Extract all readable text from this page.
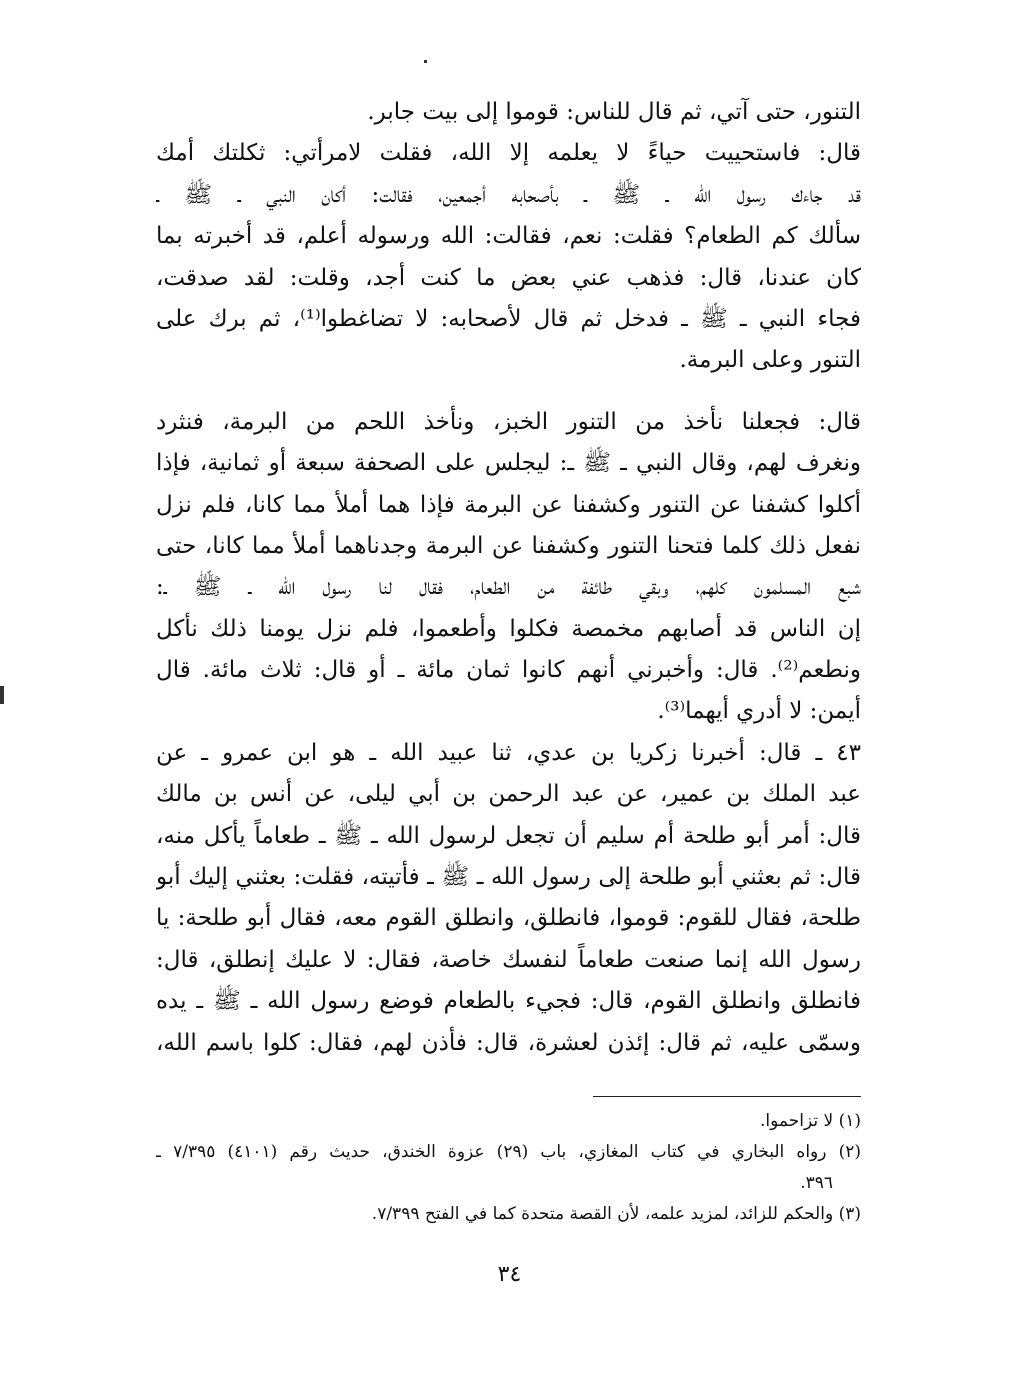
التنور، حتى آتي، ثم قال للناس: قوموا إلى بيت جابر.
قال: فاستحييت حياءً لا يعلمه إلا الله، فقلت لامرأتي: ثكلتك أمك
قد جاءك رسول الله ـ ﷺ ـ بأصحابه أجمعين، فقالت: أكان النبي ـ ﷺ ـ
سألك كم الطعام؟ فقلت: نعم، فقالت: الله ورسوله أعلم، قد أخبرته بما
كان عندنا، قال: فذهب عني بعض ما كنت أجد، وقلت: لقد صدقت،
فجاء النبي ـ ﷺ ـ فدخل ثم قال لأصحابه: لا تضاغطوا⁽¹⁾، ثم برك على
التنور وعلى البرمة.
قال: فجعلنا نأخذ من التنور الخبز، ونأخذ اللحم من البرمة، فنثرد
ونغرف لهم، وقال النبي ـ ﷺ ـ: ليجلس على الصحفة سبعة أو ثمانية، فإذا
أكلوا كشفنا عن التنور وكشفنا عن البرمة فإذا هما أملأ مما كانا، فلم نزل
نفعل ذلك كلما فتحنا التنور وكشفنا عن البرمة وجدناهما أملأ مما كانا، حتى
شبع المسلمون كلهم، وبقي طائفة من الطعام، فقال لنا رسول الله ـ ﷺ ـ:
إن الناس قد أصابهم مخمصة فكلوا وأطعموا، فلم نزل يومنا ذلك نأكل
ونطعم⁽²⁾. قال: وأخبرني أنهم كانوا ثمان مائة ـ أو قال: ثلاث مائة. قال
أيمن: لا أدري أيهما⁽³⁾.
٤٣ ـ قال: أخبرنا زكريا بن عدي، ثنا عبيد الله ـ هو ابن عمرو ـ عن
عبد الملك بن عمير، عن عبد الرحمن بن أبي ليلى، عن أنس بن مالك
قال: أمر أبو طلحة أم سليم أن تجعل لرسول الله ـ ﷺ ـ طعاماً يأكل منه،
قال: ثم بعثني أبو طلحة إلى رسول الله ـ ﷺ ـ فأتيته، فقلت: بعثني إليك أبو
طلحة، فقال للقوم: قوموا، فانطلق، وانطلق القوم معه، فقال أبو طلحة: يا
رسول الله إنما صنعت طعاماً لنفسك خاصة، فقال: لا عليك إنطلق، قال:
فانطلق وانطلق القوم، قال: فجيء بالطعام فوضع رسول الله ـ ﷺ ـ يده
وسمّى عليه، ثم قال: إئذن لعشرة، قال: فأذن لهم، فقال: كلوا باسم الله،
(١) لا تزاحموا.
(٢) رواه البخاري في كتاب المغازي، باب (٢٩) عزوة الخندق، حديث رقم (٤١٠١) ٧/٣٩٥ ـ
٣٩٦.
(٣) والحكم للزائد، لمزيد علمه، لأن القصة متحدة كما في الفتح ٧/٣٩٩.
٣٤
